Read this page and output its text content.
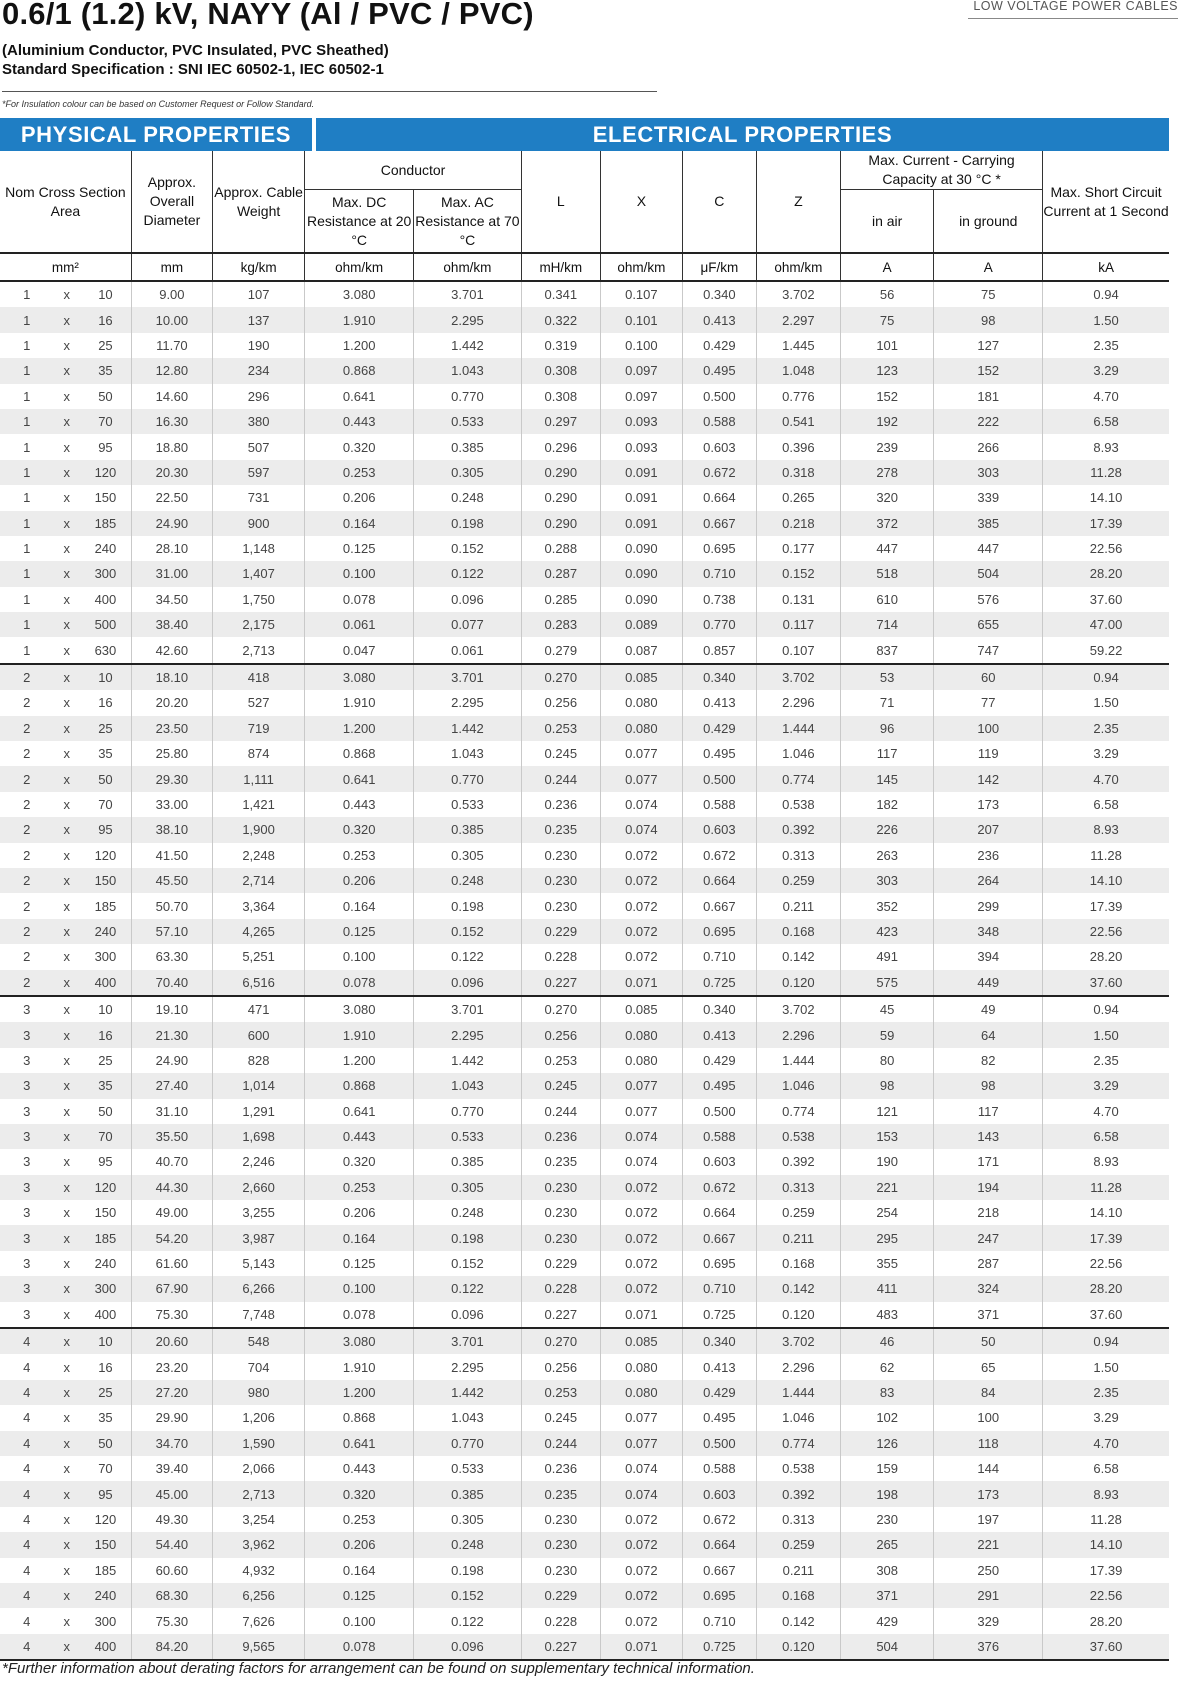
0.6/1 (1.2) kV, NAYY (Al / PVC / PVC)	LOW VOLTAGE POWER CABLES
(Aluminium Conductor, PVC Insulated, PVC Sheathed)
Standard Specification : SNI IEC 60502-1, IEC 60502-1
*For Insulation colour can be based on Customer Request or Follow Standard.
PHYSICAL PROPERTIES	ELECTRICAL PROPERTIES
Nom Cross Section Area			Approx. Overall Diameter	Approx. Cable Weight	Conductor		L	X	C	Z	Max. Current - Carrying Capacity at 30 °C *		Max. Short Circuit Current at 1 Second
					Max. DC Resistance at 20 °C	Max. AC Resistance at 70 °C					in air	in ground	
mm²			mm	kg/km	ohm/km	ohm/km	mH/km	ohm/km	μF/km	ohm/km	A	A	kA
1	x	10	9.00	107	3.080	3.701	0.341	0.107	0.340	3.702	56	75	0.94
1	x	16	10.00	137	1.910	2.295	0.322	0.101	0.413	2.297	75	98	1.50
1	x	25	11.70	190	1.200	1.442	0.319	0.100	0.429	1.445	101	127	2.35
1	x	35	12.80	234	0.868	1.043	0.308	0.097	0.495	1.048	123	152	3.29
1	x	50	14.60	296	0.641	0.770	0.308	0.097	0.500	0.776	152	181	4.70
1	x	70	16.30	380	0.443	0.533	0.297	0.093	0.588	0.541	192	222	6.58
1	x	95	18.80	507	0.320	0.385	0.296	0.093	0.603	0.396	239	266	8.93
1	x	120	20.30	597	0.253	0.305	0.290	0.091	0.672	0.318	278	303	11.28
1	x	150	22.50	731	0.206	0.248	0.290	0.091	0.664	0.265	320	339	14.10
1	x	185	24.90	900	0.164	0.198	0.290	0.091	0.667	0.218	372	385	17.39
1	x	240	28.10	1,148	0.125	0.152	0.288	0.090	0.695	0.177	447	447	22.56
1	x	300	31.00	1,407	0.100	0.122	0.287	0.090	0.710	0.152	518	504	28.20
1	x	400	34.50	1,750	0.078	0.096	0.285	0.090	0.738	0.131	610	576	37.60
1	x	500	38.40	2,175	0.061	0.077	0.283	0.089	0.770	0.117	714	655	47.00
1	x	630	42.60	2,713	0.047	0.061	0.279	0.087	0.857	0.107	837	747	59.22
2	x	10	18.10	418	3.080	3.701	0.270	0.085	0.340	3.702	53	60	0.94
2	x	16	20.20	527	1.910	2.295	0.256	0.080	0.413	2.296	71	77	1.50
2	x	25	23.50	719	1.200	1.442	0.253	0.080	0.429	1.444	96	100	2.35
2	x	35	25.80	874	0.868	1.043	0.245	0.077	0.495	1.046	117	119	3.29
2	x	50	29.30	1,111	0.641	0.770	0.244	0.077	0.500	0.774	145	142	4.70
2	x	70	33.00	1,421	0.443	0.533	0.236	0.074	0.588	0.538	182	173	6.58
2	x	95	38.10	1,900	0.320	0.385	0.235	0.074	0.603	0.392	226	207	8.93
2	x	120	41.50	2,248	0.253	0.305	0.230	0.072	0.672	0.313	263	236	11.28
2	x	150	45.50	2,714	0.206	0.248	0.230	0.072	0.664	0.259	303	264	14.10
2	x	185	50.70	3,364	0.164	0.198	0.230	0.072	0.667	0.211	352	299	17.39
2	x	240	57.10	4,265	0.125	0.152	0.229	0.072	0.695	0.168	423	348	22.56
2	x	300	63.30	5,251	0.100	0.122	0.228	0.072	0.710	0.142	491	394	28.20
2	x	400	70.40	6,516	0.078	0.096	0.227	0.071	0.725	0.120	575	449	37.60
3	x	10	19.10	471	3.080	3.701	0.270	0.085	0.340	3.702	45	49	0.94
3	x	16	21.30	600	1.910	2.295	0.256	0.080	0.413	2.296	59	64	1.50
3	x	25	24.90	828	1.200	1.442	0.253	0.080	0.429	1.444	80	82	2.35
3	x	35	27.40	1,014	0.868	1.043	0.245	0.077	0.495	1.046	98	98	3.29
3	x	50	31.10	1,291	0.641	0.770	0.244	0.077	0.500	0.774	121	117	4.70
3	x	70	35.50	1,698	0.443	0.533	0.236	0.074	0.588	0.538	153	143	6.58
3	x	95	40.70	2,246	0.320	0.385	0.235	0.074	0.603	0.392	190	171	8.93
3	x	120	44.30	2,660	0.253	0.305	0.230	0.072	0.672	0.313	221	194	11.28
3	x	150	49.00	3,255	0.206	0.248	0.230	0.072	0.664	0.259	254	218	14.10
3	x	185	54.20	3,987	0.164	0.198	0.230	0.072	0.667	0.211	295	247	17.39
3	x	240	61.60	5,143	0.125	0.152	0.229	0.072	0.695	0.168	355	287	22.56
3	x	300	67.90	6,266	0.100	0.122	0.228	0.072	0.710	0.142	411	324	28.20
3	x	400	75.30	7,748	0.078	0.096	0.227	0.071	0.725	0.120	483	371	37.60
4	x	10	20.60	548	3.080	3.701	0.270	0.085	0.340	3.702	46	50	0.94
4	x	16	23.20	704	1.910	2.295	0.256	0.080	0.413	2.296	62	65	1.50
4	x	25	27.20	980	1.200	1.442	0.253	0.080	0.429	1.444	83	84	2.35
4	x	35	29.90	1,206	0.868	1.043	0.245	0.077	0.495	1.046	102	100	3.29
4	x	50	34.70	1,590	0.641	0.770	0.244	0.077	0.500	0.774	126	118	4.70
4	x	70	39.40	2,066	0.443	0.533	0.236	0.074	0.588	0.538	159	144	6.58
4	x	95	45.00	2,713	0.320	0.385	0.235	0.074	0.603	0.392	198	173	8.93
4	x	120	49.30	3,254	0.253	0.305	0.230	0.072	0.672	0.313	230	197	11.28
4	x	150	54.40	3,962	0.206	0.248	0.230	0.072	0.664	0.259	265	221	14.10
4	x	185	60.60	4,932	0.164	0.198	0.230	0.072	0.667	0.211	308	250	17.39
4	x	240	68.30	6,256	0.125	0.152	0.229	0.072	0.695	0.168	371	291	22.56
4	x	300	75.30	7,626	0.100	0.122	0.228	0.072	0.710	0.142	429	329	28.20
4	x	400	84.20	9,565	0.078	0.096	0.227	0.071	0.725	0.120	504	376	37.60
*Further information about derating factors for arrangement can be found on supplementary technical information.
